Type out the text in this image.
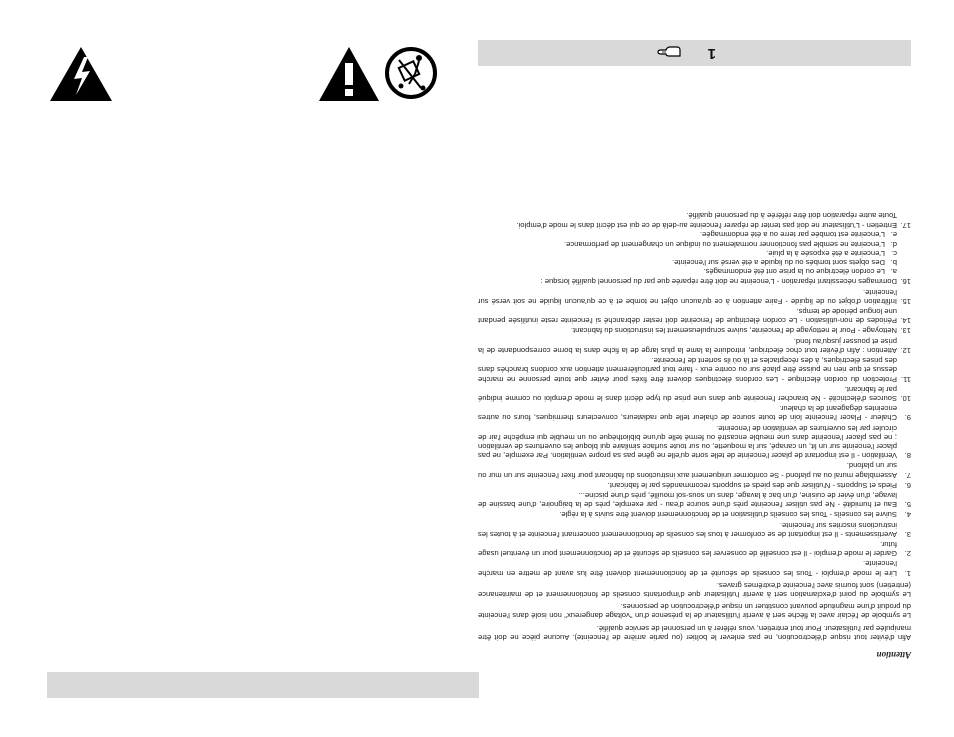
Attention
Afin d'éviter tout risque d'électrocution, ne pas enlever le boîtier (ou partie arrière de l'enceinte). Aucune pièce ne doit être manipulée par l'utilisateur. Pour tout entretien, vous référer à un personnel de service qualifié.
Le symbole de l'éclair avec la flèche sert à avertir l'utilisateur de la présence d'un "voltage dangereux" non isolé dans l'enceinte du produit d'une magnitude pouvant constituer un risque d'électrocution de personnes.
Le symbole du point d'exclamation sert à avertir l'utilisateur que d'importants conseils de fonctionnement et de maintenance (entretien) sont fournis avec l'enceinte d'extrêmes graves.
1.
Lire le mode d'emploi - Tous les conseils de sécurité et de fonctionnement doivent être lus avant de mettre en marche l'enceinte.
2.
Garder le mode d'emploi - Il est conseillé de conserver les conseils de sécurité et de fonctionnement pour un éventuel usage futur.
3.
Avertissements - Il est important de se conformer à tous les conseils de fonctionnement concernant l'enceinte et à toutes les instructions inscrites sur l'enceinte.
4.
Suivre les conseils - Tous les conseils d'utilisation et de fonctionnement doivent être suivis à la règle.
5.
Eau et humidité - Ne pas utiliser l'enceinte près d'une source d'eau - par exemple, près de la baignoire, d'une bassine de lavage, d'un évier de cuisine, d'un bac à lavage, dans un sous-sol mouillé, près d'une piscine...
6.
Pieds et Supports - N'utiliser que des pieds et supports recommandés par le fabricant.
7.
Assemblage mural ou au plafond - Se conformer uniquement aux instructions du fabricant pour fixer l'enceinte sur un mur ou sur un plafond.
8.
Ventilation - Il est important de placer l'enceinte de telle sorte qu'elle ne gêne pas sa propre ventilation. Par exemple, ne pas placer l'enceinte sur un lit, un canapé, sur la moquette, ou sur toute surface similaire qui bloque les ouvertures de ventilation ; ne pas placer l'enceinte dans une meuble encastré ou fermé telle qu'une bibliothèque ou un meuble qui empêche l'air de circuler par les ouvertures de ventilation de l'enceinte.
9.
Chaleur - Placer l'enceinte loin de toute source de chaleur telle que radiateurs, convecteurs thermiques, fours ou autres enceintes dégageant de la chaleur.
10.
Sources d'électricité - Ne brancher l'enceinte que dans une prise du type décrit dans le mode d'emploi ou comme indiqué par le fabricant.
11.
Protection du cordon électrique - Les cordons électriques doivent être fixés pour éviter que toute personne ne marche dessus et que rien ne puisse être placé sur ou contre eux - faire tout particulièrement attention aux cordons branchés dans des prises électriques, à des réceptacles et là où ils sortent de l'enceinte.
12.
Attention : Afin d'éviter tout choc électrique, introduire la lame la plus large de la fiche dans la borne correspondante de la prise et pousser jusqu'au fond.
13.
Nettoyage - Pour le nettoyage de l'enceinte, suivre scrupuleusement les instructions du fabricant.
14.
Périodes de non-utilisation - Le cordon électrique de l'enceinte doit rester débranché si l'enceinte reste inutilisée pendant une longue période de temps.
15.
Infiltration d'objet ou de liquide - Faire attention à ce qu'aucun objet ne tombe et à ce qu'aucun liquide ne soit versé sur l'enceinte.
16.
Dommages nécessitant réparation - L'enceinte ne doit être réparée que par du personnel qualifié lorsque :
a.
Le cordon électrique ou la prise ont été endommagés.
b.
Des objets sont tombés ou du liquide a été versé sur l'enceinte.
c.
L'enceinte a été exposée à la pluie.
d.
L'enceinte ne semble pas fonctionner normalement ou indique un changement de performance.
e.
L'enceinte est tombée par terre ou a été endommagée.
17.
Entretien - L'utilisateur ne doit pas tenter de réparer l'enceinte au-delà de ce qui est décrit dans le mode d'emploi.
Toute autre réparation doit être référée à du personnel qualifié.
1
